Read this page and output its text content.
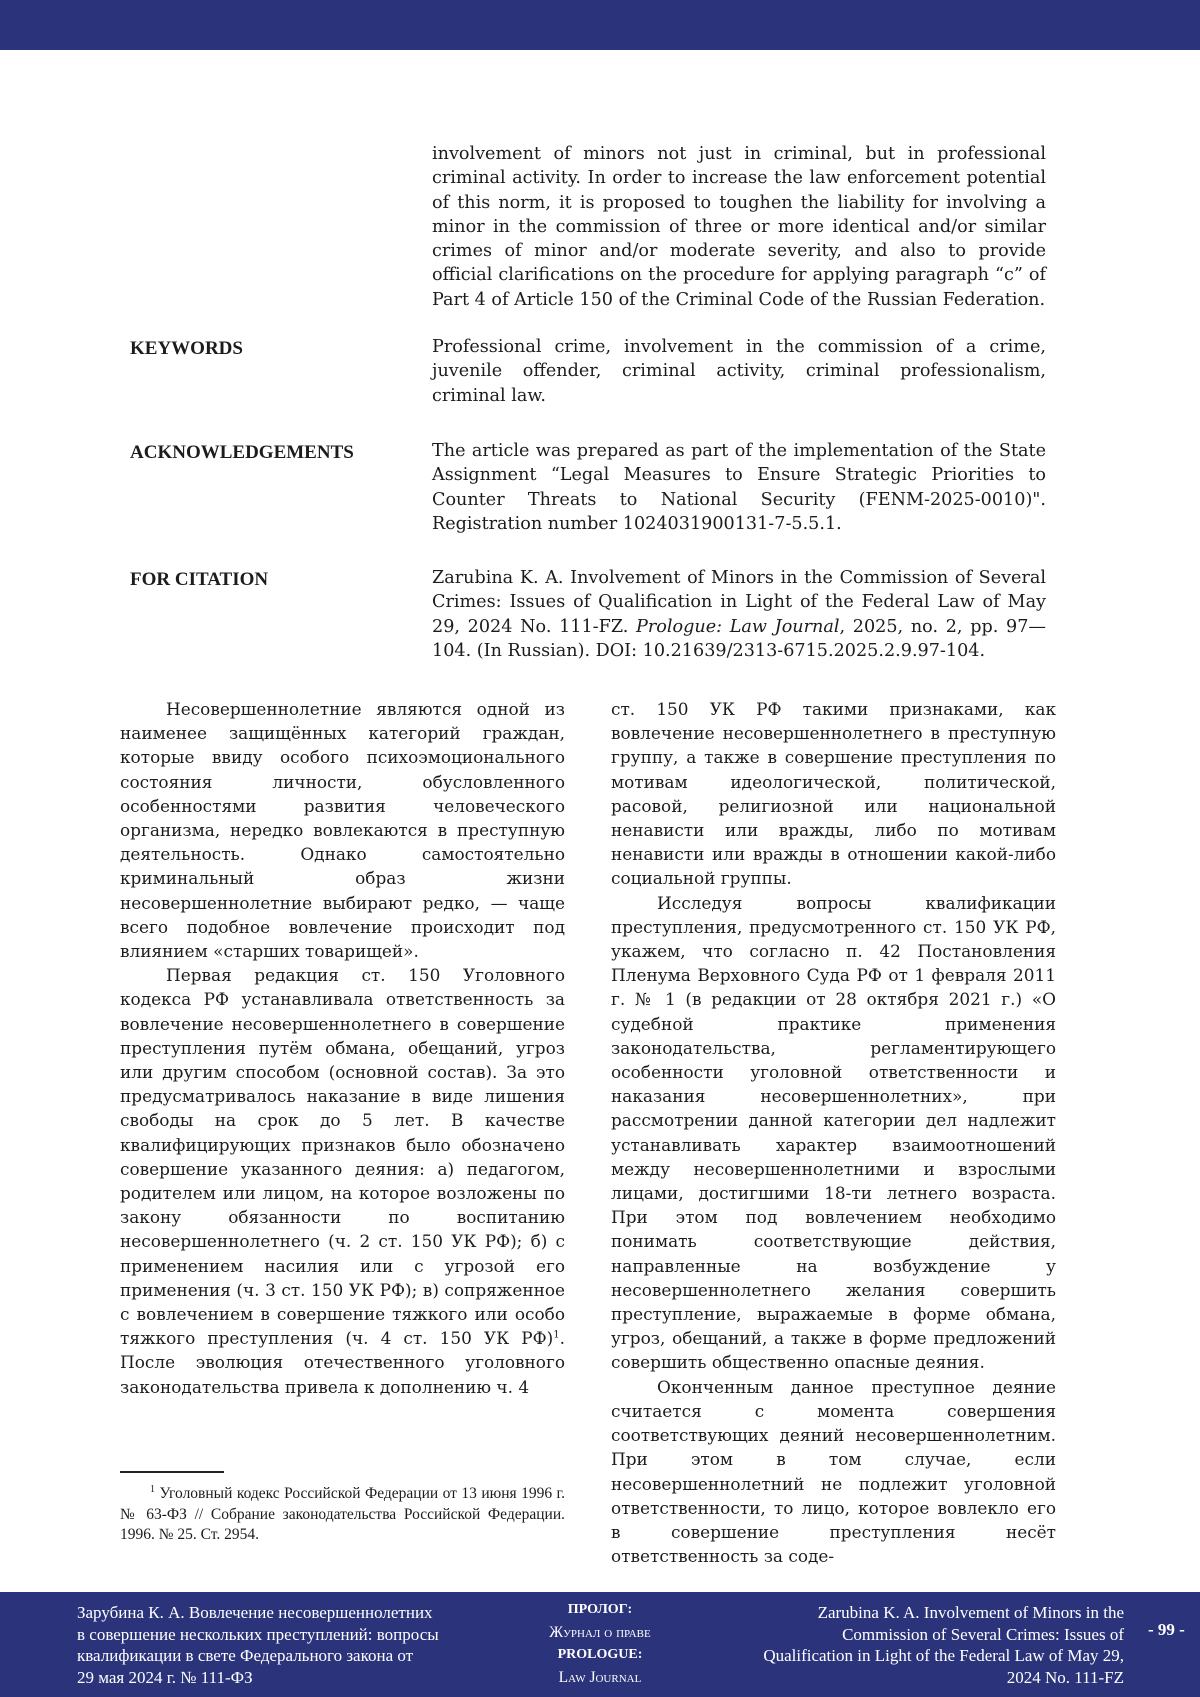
involvement of minors not just in criminal, but in professional criminal activity. In order to increase the law enforcement potential of this norm, it is proposed to toughen the liability for involving a minor in the commission of three or more identical and/or similar crimes of minor and/or moderate severity, and also to provide official clarifications on the procedure for applying paragraph “c” of Part 4 of Article 150 of the Criminal Code of the Russian Federation.

KEYWORDS	Professional crime, involvement in the commission of a crime, juvenile offender, criminal activity, criminal professionalism, criminal law.

ACKNOWLEDGEMENTS	The article was prepared as part of the implementation of the State Assignment “Legal Measures to Ensure Strategic Priorities to Counter Threats to National Security (FENM-2025-0010)". Registration number 1024031900131-7-5.5.1.

FOR CITATION	Zarubina K. A. Involvement of Minors in the Commission of Several Crimes: Issues of Qualification in Light of the Federal Law of May 29, 2024 No. 111-FZ. Prologue: Law Journal, 2025, no. 2, pp. 97—104. (In Russian). DOI: 10.21639/2313-6715.2025.2.9.97-104.

Несовершеннолетние являются одной из наименее защищённых категорий граждан, которые ввиду особого психоэмоционального состояния личности, обусловленного особенностями развития человеческого организма, нередко вовлекаются в преступную деятельность. Однако самостоятельно криминальный образ жизни несовершеннолетние выбирают редко, — чаще всего подобное вовлечение происходит под влиянием «старших товарищей».

Первая редакция ст. 150 Уголовного кодекса РФ устанавливала ответственность за вовлечение несовершеннолетнего в совершение преступления путём обмана, обещаний, угроз или другим способом (основной состав). За это предусматривалось наказание в виде лишения свободы на срок до 5 лет. В качестве квалифицирующих признаков было обозначено совершение указанного деяния: а) педагогом, родителем или лицом, на которое возложены по закону обязанности по воспитанию несовершеннолетнего (ч. 2 ст. 150 УК РФ); б) с применением насилия или с угрозой его применения (ч. 3 ст. 150 УК РФ); в) сопряженное с вовлечением в совершение тяжкого или особо тяжкого преступления (ч. 4 ст. 150 УК РФ)$^1$. После эволюция отечественного уголовного законодательства привела к дополнению ч. 4

ст. 150 УК РФ такими признаками, как вовлечение несовершеннолетнего в преступную группу, а также в совершение преступления по мотивам идеологической, политической, расовой, религиозной или национальной ненависти или вражды, либо по мотивам ненависти или вражды в отношении какой-либо социальной группы.

Исследуя вопросы квалификации преступления, предусмотренного ст. 150 УК РФ, укажем, что согласно п. 42 Постановления Пленума Верховного Суда РФ от 1 февраля 2011 г. № 1 (в редакции от 28 октября 2021 г.) «О судебной практике применения законодательства, регламентирующего особенности уголовной ответственности и наказания несовершеннолетних», при рассмотрении данной категории дел надлежит устанавливать характер взаимоотношений между несовершеннолетними и взрослыми лицами, достигшими 18-ти летнего возраста. При этом под вовлечением необходимо понимать соответствующие действия, направленные на возбуждение у несовершеннолетнего желания совершить преступление, выражаемые в форме обмана, угроз, обещаний, а также в форме предложений совершить общественно опасные деяния.

Оконченным данное преступное деяние считается с момента совершения соответствующих деяний несовершеннолетним. При этом в том случае, если несовершеннолетний не подлежит уголовной ответственности, то лицо, которое вовлекло его в совершение преступления несёт ответственность за соде-

$^1$ Уголовный кодекс Российской Федерации от 13 июня 1996 г. № 63-ФЗ // Собрание законодательства Российской Федерации. 1996. № 25. Ст. 2954.

Зарубина К. А. Вовлечение несовершеннолетних
в совершение нескольких преступлений: вопросы
квалификации в свете Федерального закона от
29 мая 2024 г. № 111-ФЗ
ПРОЛОГ:
Журнал о праве
PROLOGUE:
Law Journal
Zarubina K. A. Involvement of Minors in the
Commission of Several Crimes: Issues of
Qualification in Light of the Federal Law of May 29,
2024 No. 111-FZ
- 99 -
